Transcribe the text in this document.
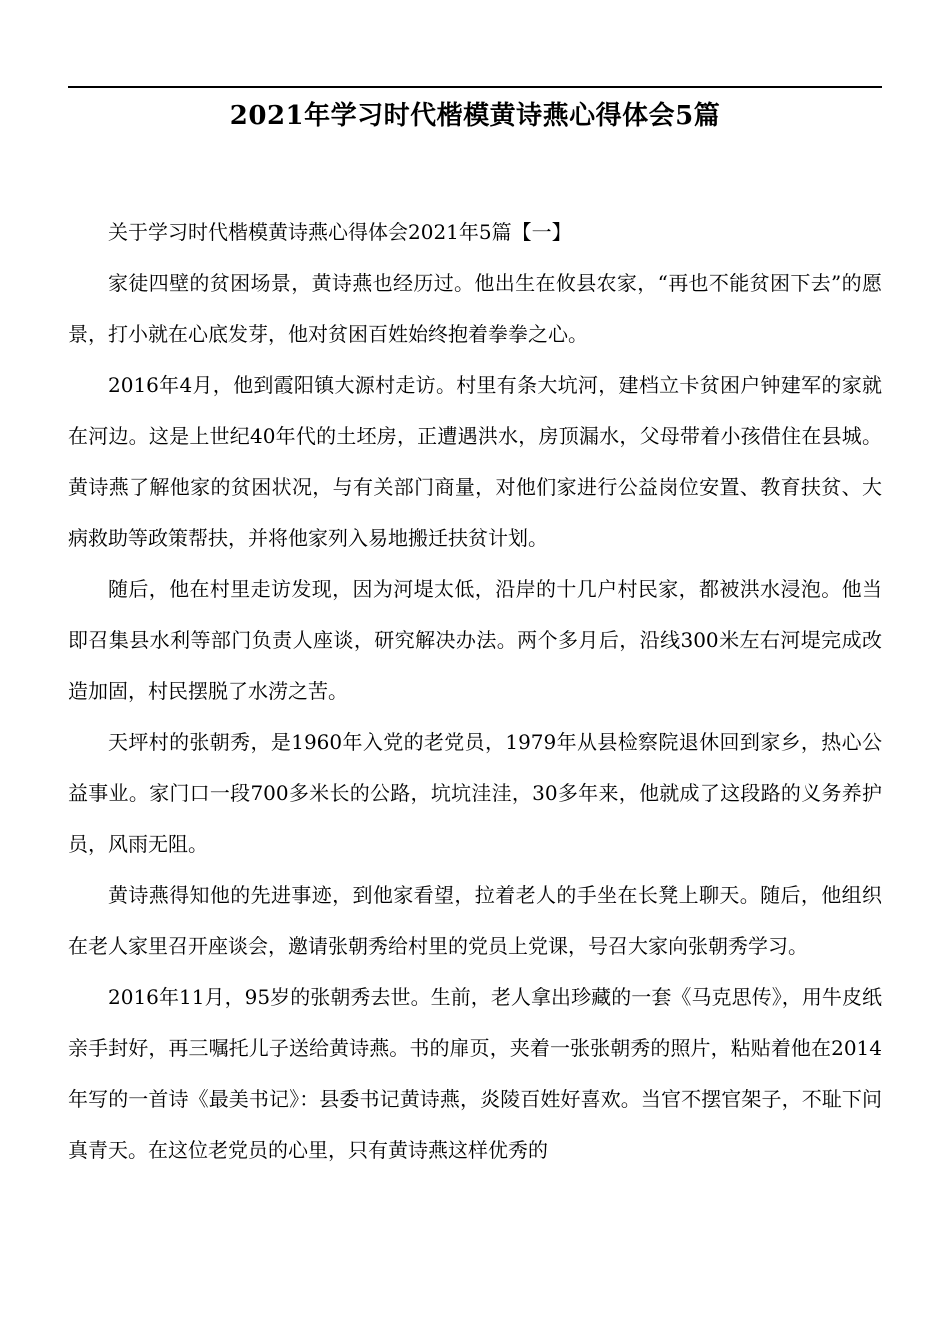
2021年学习时代楷模黄诗燕心得体会5篇

关于学习时代楷模黄诗燕心得体会2021年5篇【一】

家徒四壁的贫困场景，黄诗燕也经历过。他出生在攸县农家，“再也不能贫困下去”的愿景，打小就在心底发芽，他对贫困百姓始终抱着拳拳之心。

2016年4月，他到霞阳镇大源村走访。村里有条大坑河，建档立卡贫困户钟建军的家就在河边。这是上世纪40年代的土坯房，正遭遇洪水，房顶漏水，父母带着小孩借住在县城。黄诗燕了解他家的贫困状况，与有关部门商量，对他们家进行公益岗位安置、教育扶贫、大病救助等政策帮扶，并将他家列入易地搬迁扶贫计划。

随后，他在村里走访发现，因为河堤太低，沿岸的十几户村民家，都被洪水浸泡。他当即召集县水利等部门负责人座谈，研究解决办法。两个多月后，沿线300米左右河堤完成改造加固，村民摆脱了水涝之苦。

天坪村的张朝秀，是1960年入党的老党员，1979年从县检察院退休回到家乡，热心公益事业。家门口一段700多米长的公路，坑坑洼洼，30多年来，他就成了这段路的义务养护员，风雨无阻。

黄诗燕得知他的先进事迹，到他家看望，拉着老人的手坐在长凳上聊天。随后，他组织在老人家里召开座谈会，邀请张朝秀给村里的党员上党课，号召大家向张朝秀学习。

2016年11月，95岁的张朝秀去世。生前，老人拿出珍藏的一套《马克思传》，用牛皮纸亲手封好，再三嘱托儿子送给黄诗燕。书的扉页，夹着一张张朝秀的照片，粘贴着他在2014年写的一首诗《最美书记》：县委书记黄诗燕，炎陵百姓好喜欢。当官不摆官架子，不耻下问真青天。在这位老党员的心里，只有黄诗燕这样优秀的
